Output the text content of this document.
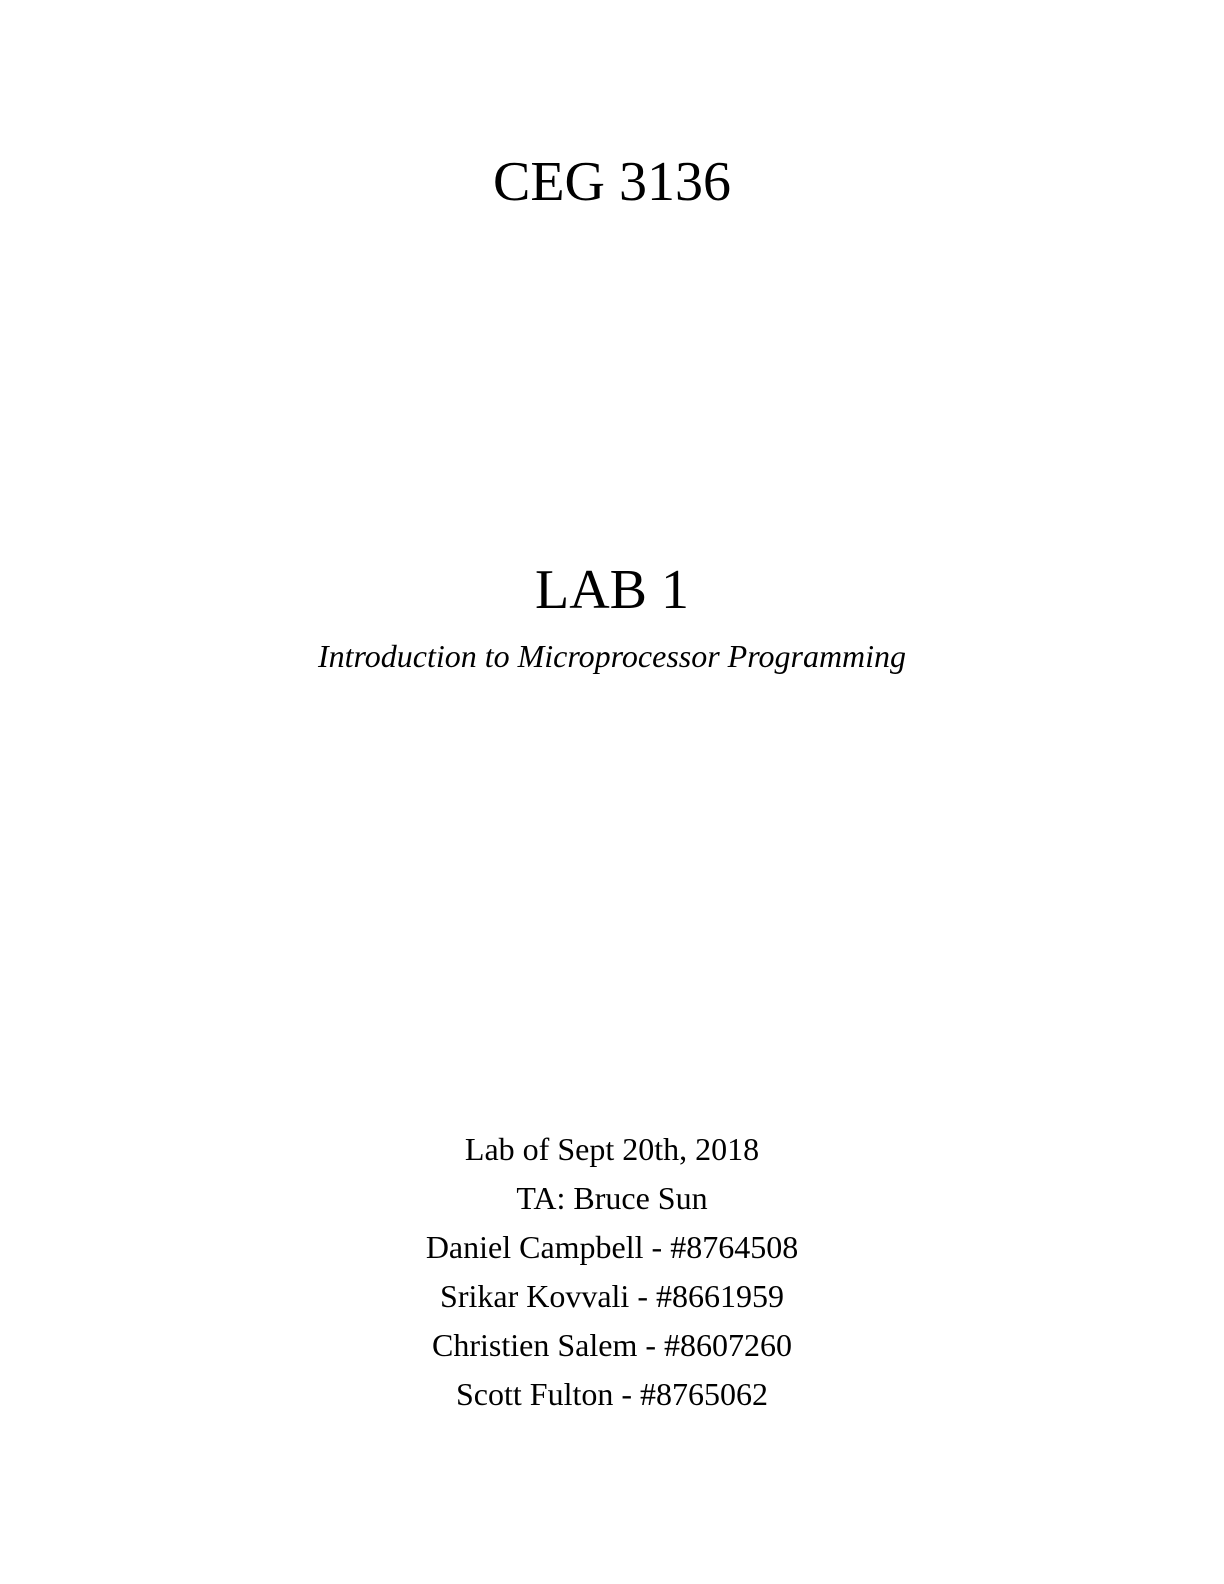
CEG 3136
LAB 1
Introduction to Microprocessor Programming
Lab of Sept 20th, 2018
TA: Bruce Sun
Daniel Campbell - #8764508
Srikar Kovvali - #8661959
Christien Salem - #8607260
Scott Fulton - #8765062
